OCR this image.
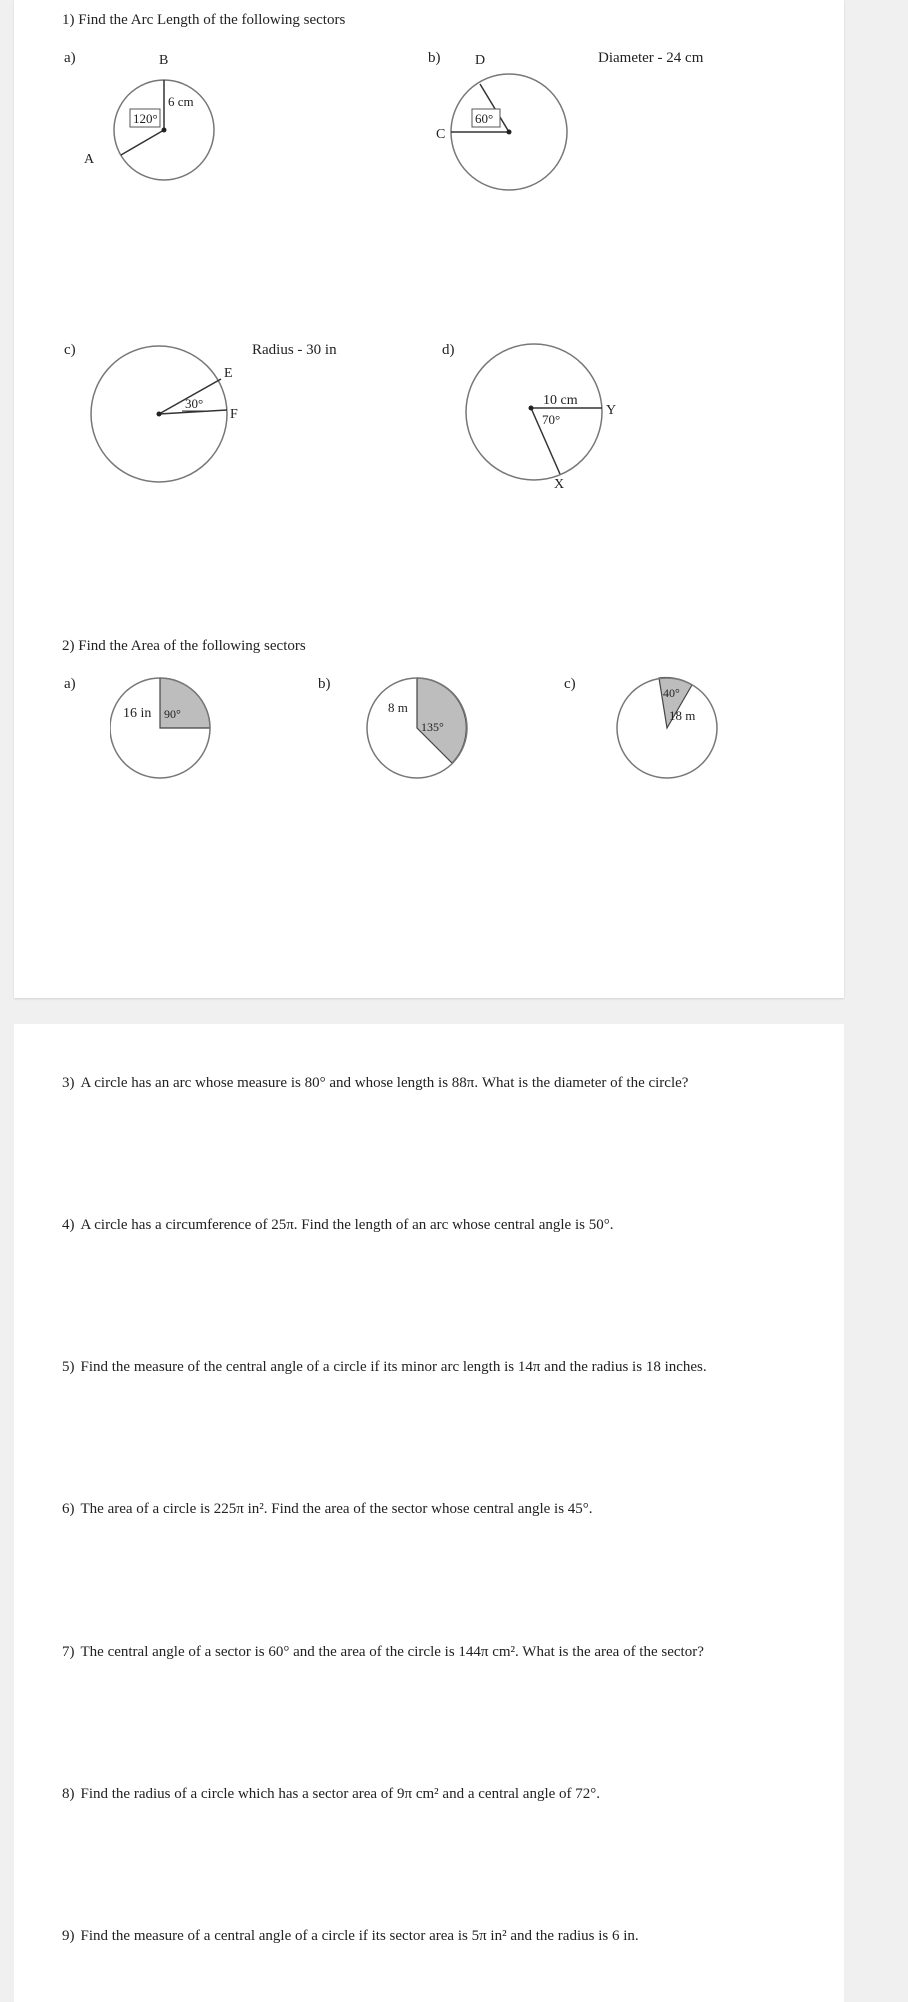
1) Find the Arc Length of the following sectors
a)
120°
6 cm
B
A
b)	Diameter - 24 cm
60°
D
C
c)	Radius - 30 in
30°
E
F
d)
10 cm
70°
Y
X
2) Find the Area of the following sectors
a)
16 in 90°
b)
8 m
135°
c)
40°
18 m
3) A circle has an arc whose measure is 80° and whose length is 88π. What is the diameter of the circle?
4) A circle has a circumference of 25π. Find the length of an arc whose central angle is 50°.
5) Find the measure of the central angle of a circle if its minor arc length is 14π and the radius is 18 inches.
6) The area of a circle is 225π in². Find the area of the sector whose central angle is 45°.
7) The central angle of a sector is 60° and the area of the circle is 144π cm². What is the area of the sector?
8) Find the radius of a circle which has a sector area of 9π cm² and a central angle of 72°.
9) Find the measure of a central angle of a circle if its sector area is 5π in² and the radius is 6 in.
